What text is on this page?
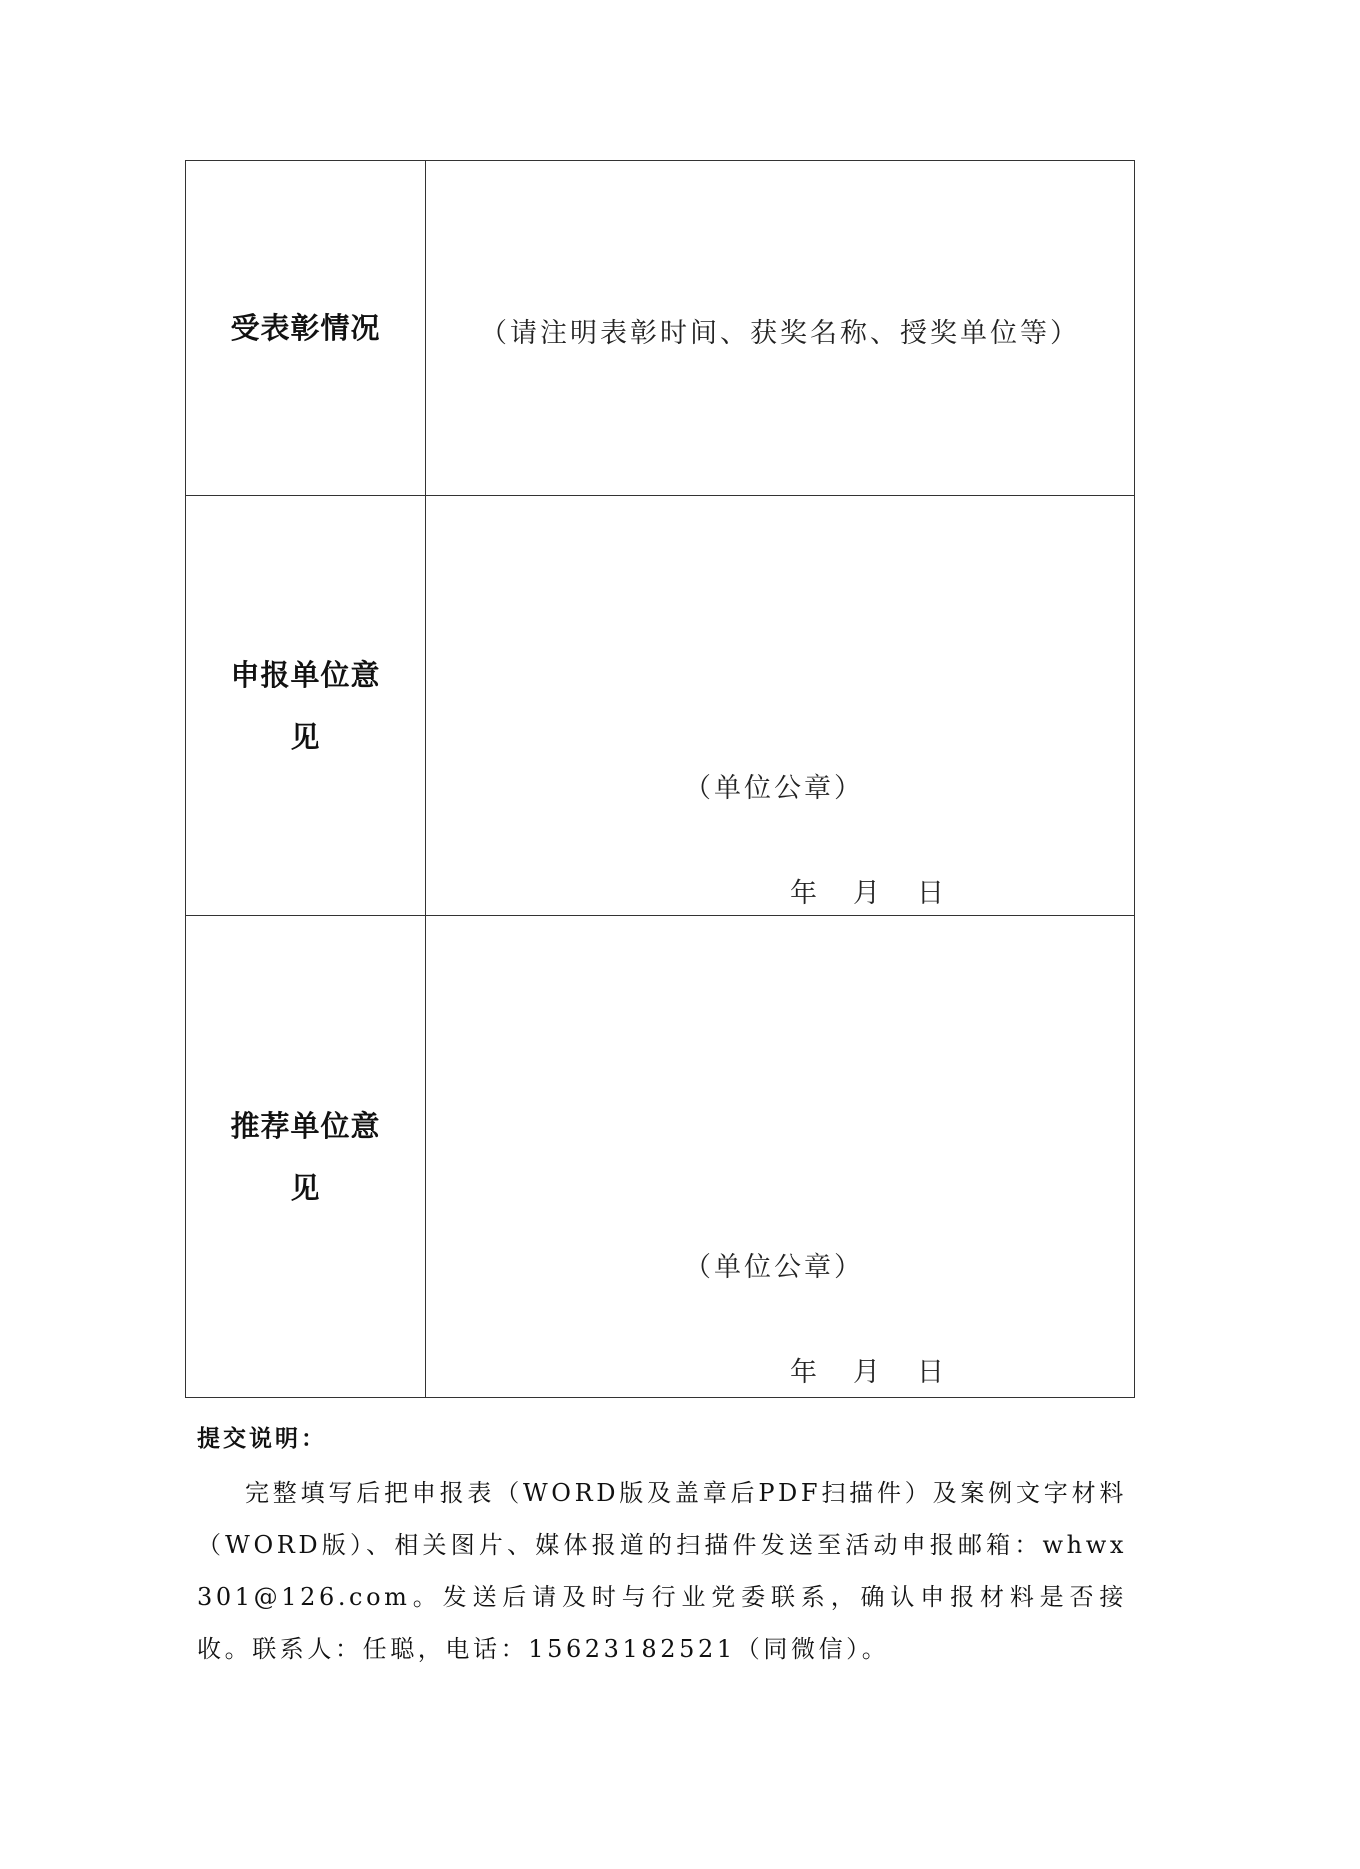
受表彰情况	（请注明表彰时间、获奖名称、授奖单位等）
申报单位意见
（单位公章）
年 月 日
推荐单位意见
（单位公章）
年 月 日
提交说明：

完整填写后把申报表（WORD版及盖章后PDF扫描件）及案例文字材料（WORD版）、相关图片、媒体报道的扫描件发送至活动申报邮箱：whwx301@126.com。发送后请及时与行业党委联系，确认申报材料是否接收。联系人：任聪，电话：15623182521（同微信）。
